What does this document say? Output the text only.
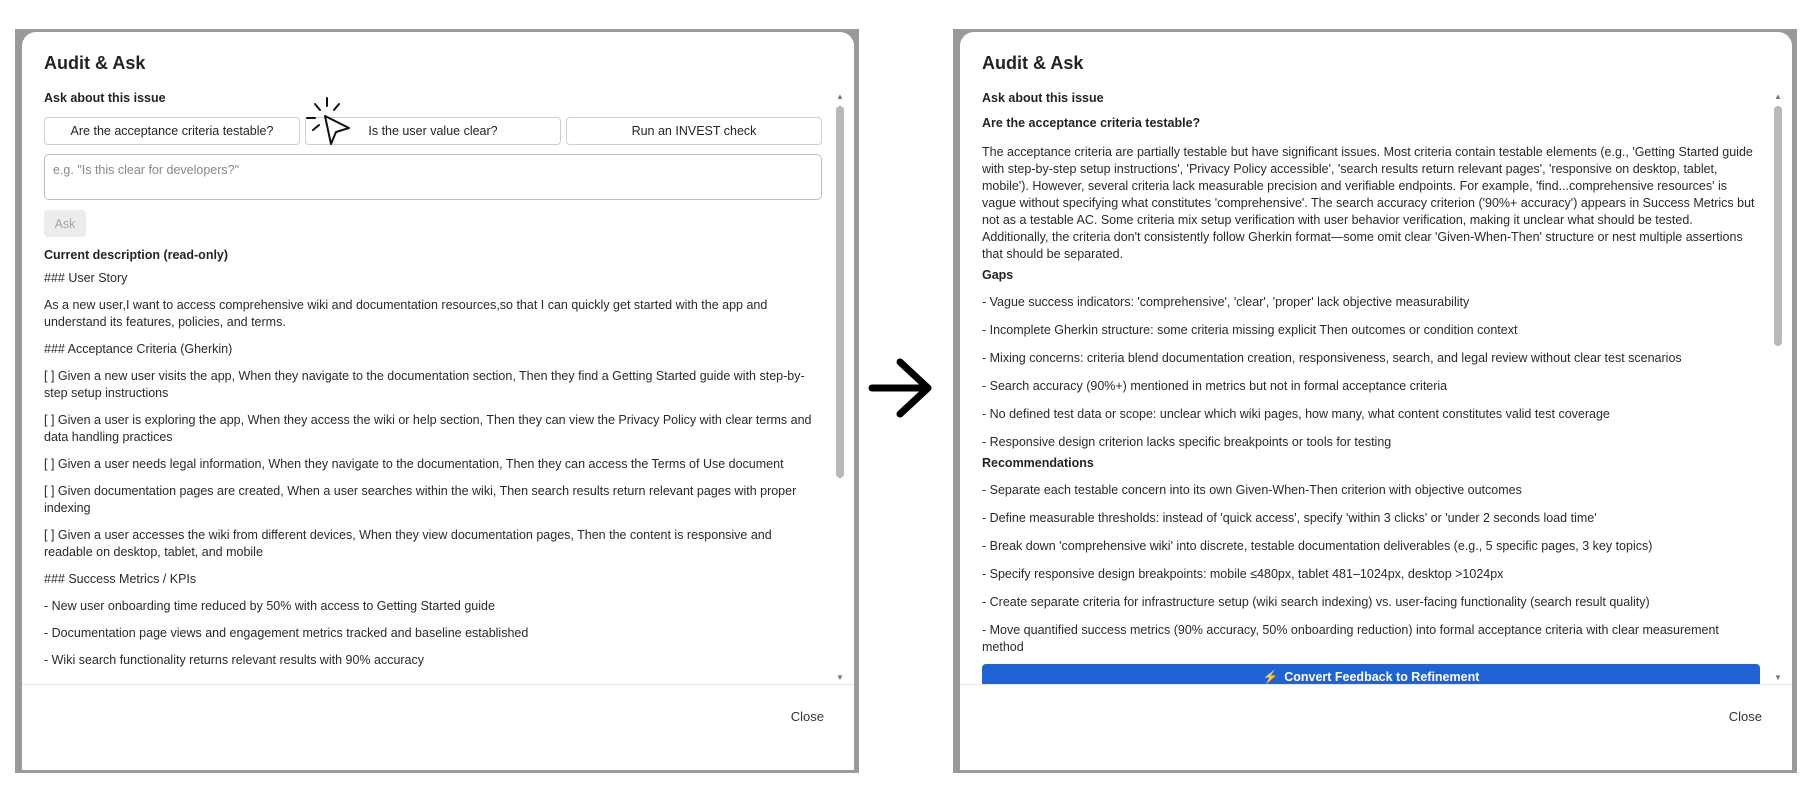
Audit & Ask
Ask about this issue
Are the acceptance criteria testable?	Is the user value clear?	Run an INVEST check
e.g. "Is this clear for developers?"
Ask
Current description (read-only)

### User Story

As a new user,I want to access comprehensive wiki and documentation resources,so that I can quickly get started with the app and understand its features, policies, and terms.

### Acceptance Criteria (Gherkin)

[ ] Given a new user visits the app, When they navigate to the documentation section, Then they find a Getting Started guide with step-by-step setup instructions

[ ] Given a user is exploring the app, When they access the wiki or help section, Then they can view the Privacy Policy with clear terms and data handling practices

[ ] Given a user needs legal information, When they navigate to the documentation, Then they can access the Terms of Use document

[ ] Given documentation pages are created, When a user searches within the wiki, Then search results return relevant pages with proper indexing

[ ] Given a user accesses the wiki from different devices, When they view documentation pages, Then the content is responsive and readable on desktop, tablet, and mobile

### Success Metrics / KPIs

- New user onboarding time reduced by 50% with access to Getting Started guide

- Documentation page views and engagement metrics tracked and baseline established

- Wiki search functionality returns relevant results with 90% accuracy

▲
▼
Close
Audit & Ask
Ask about this issue
Are the acceptance criteria testable?
The acceptance criteria are partially testable but have significant issues. Most criteria contain testable elements (e.g., 'Getting Started guide with step-by-step setup instructions', 'Privacy Policy accessible', 'search results return relevant pages', 'responsive on desktop, tablet, mobile'). However, several criteria lack measurable precision and verifiable endpoints. For example, 'find...comprehensive resources' is vague without specifying what constitutes 'comprehensive'. The search accuracy criterion ('90%+ accuracy') appears in Success Metrics but not as a testable AC. Some criteria mix setup verification with user behavior verification, making it unclear what should be tested. Additionally, the criteria don't consistently follow Gherkin format—some omit clear 'Given-When-Then' structure or nest multiple assertions that should be separated.
Gaps
- Vague success indicators: 'comprehensive', 'clear', 'proper' lack objective measurability
- Incomplete Gherkin structure: some criteria missing explicit Then outcomes or condition context
- Mixing concerns: criteria blend documentation creation, responsiveness, search, and legal review without clear test scenarios
- Search accuracy (90%+) mentioned in metrics but not in formal acceptance criteria
- No defined test data or scope: unclear which wiki pages, how many, what content constitutes valid test coverage
- Responsive design criterion lacks specific breakpoints or tools for testing
Recommendations
- Separate each testable concern into its own Given-When-Then criterion with objective outcomes
- Define measurable thresholds: instead of 'quick access', specify 'within 3 clicks' or 'under 2 seconds load time'
- Break down 'comprehensive wiki' into discrete, testable documentation deliverables (e.g., 5 specific pages, 3 key topics)
- Specify responsive design breakpoints: mobile ≤480px, tablet 481–1024px, desktop >1024px
- Create separate criteria for infrastructure setup (wiki search indexing) vs. user-facing functionality (search result quality)
- Move quantified success metrics (90% accuracy, 50% onboarding reduction) into formal acceptance criteria with clear measurement method
⚡ Convert Feedback to Refinement
▲
▼
Close
